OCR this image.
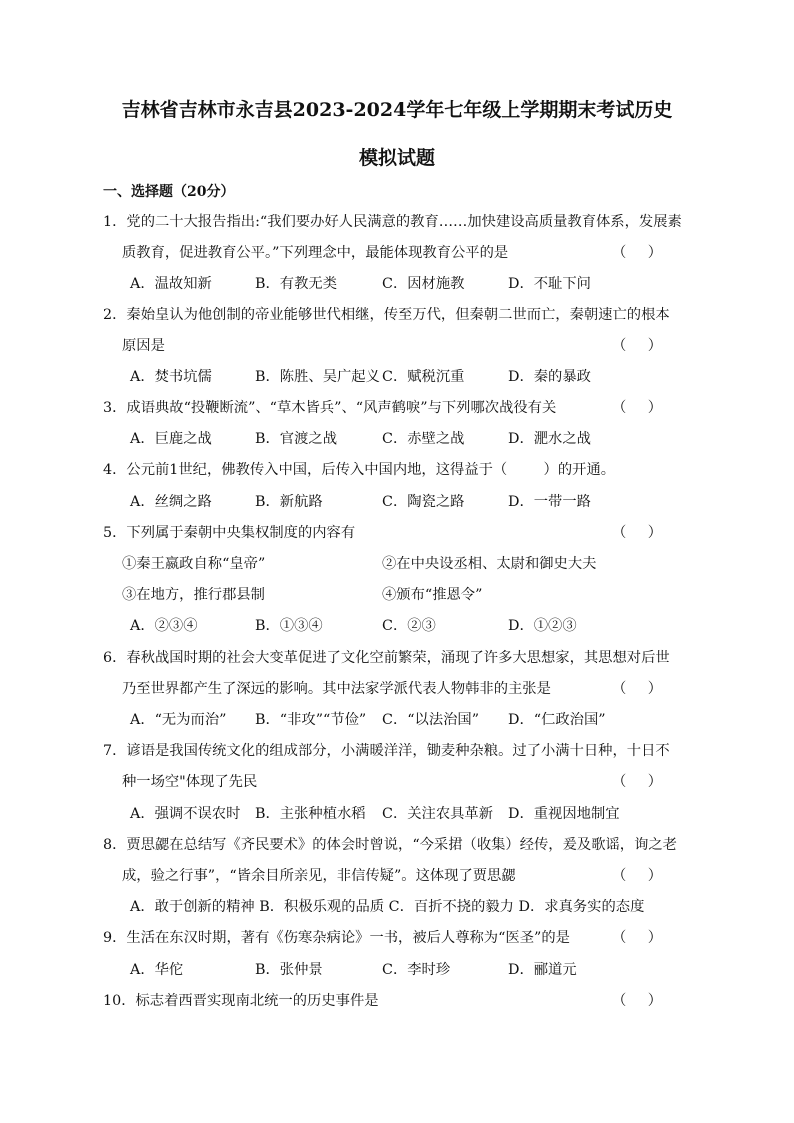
吉林省吉林市永吉县2023-2024学年七年级上学期期末考试历史
模拟试题
一、选择题（20分）
1．党的二十大报告指出:“我们要办好人民满意的教育……加快建设高质量教育体系，发展素
质教育，促进教育公平。”下列理念中，最能体现教育公平的是	（ ）
A．温故知新	B．有教无类	C．因材施教	D．不耻下问
2．秦始皇认为他创制的帝业能够世代相继，传至万代，但秦朝二世而亡，秦朝速亡的根本
原因是	（ ）
A．焚书坑儒	B．陈胜、吴广起义 C．赋税沉重	D．秦的暴政
3．成语典故“投鞭断流”、“草木皆兵”、“风声鹤唳”与下列哪次战役有关	（ ）
A．巨鹿之战	B．官渡之战	C．赤壁之战	D．淝水之战
4．公元前1世纪，佛教传入中国，后传入中国内地，这得益于（        ）的开通。
A．丝绸之路	B．新航路	C．陶瓷之路	D．一带一路
5．下列属于秦朝中央集权制度的内容有	（ ）
①秦王嬴政自称“皇帝”	②在中央设丞相、太尉和御史大夫
③在地方，推行郡县制	④颁布“推恩令”
A．②③④	B．①③④	C．②③	D．①②③
6．春秋战国时期的社会大变革促进了文化空前繁荣，涌现了许多大思想家，其思想对后世
乃至世界都产生了深远的影响。其中法家学派代表人物韩非的主张是	（ ）
A．“无为而治” B．“非攻”“节俭” C．“以法治国” D．“仁政治国”
7．谚语是我国传统文化的组成部分，小满暖洋洋，锄麦种杂粮。过了小满十日种，十日不
种一场空"体现了先民	（ ）
A．强调不误农时 B．主张种植水稻 C．关注农具革新 D．重视因地制宜
8．贾思勰在总结写《齐民要术》的体会时曾说，“今采捃（收集）经传，爰及歌谣，询之老
成，验之行事”，“皆余目所亲见，非信传疑”。这体现了贾思勰	（ ）
A．敢于创新的精神 B．积极乐观的品质 C．百折不挠的毅力 D．求真务实的态度
9．生活在东汉时期，著有《伤寒杂病论》一书，被后人尊称为“医圣”的是	（ ）
A．华佗	B．张仲景	C．李时珍	D．郦道元
10．标志着西晋实现南北统一的历史事件是	（ ）
